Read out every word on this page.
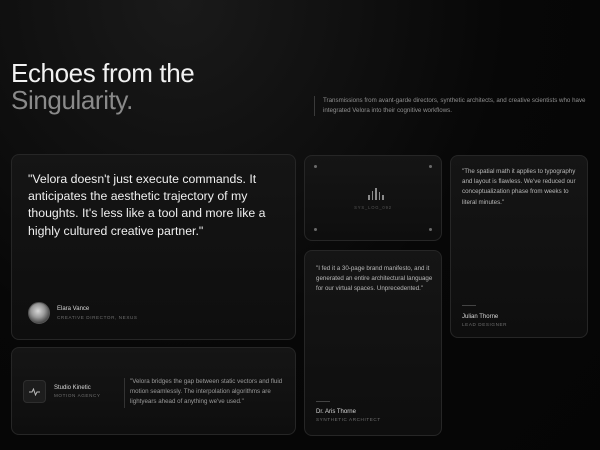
Echoes from the
Singularity.	Transmissions from avant-garde directors, synthetic architects, and creative scientists who have integrated Velora into their cognitive workflows.

"Velora doesn't just execute commands. It anticipates the aesthetic trajectory of my thoughts. It's less like a tool and more like a highly cultured creative partner."

Elara Vance
CREATIVE DIRECTOR, NEXUS
SYS_LOG_092

"I fed it a 30-page brand manifesto, and it generated an entire architectural language for our virtual spaces. Unprecedented."

Dr. Aris Thorne
SYNTHETIC ARCHITECT

"The spatial math it applies to typography and layout is flawless. We've reduced our conceptualization phase from weeks to literal minutes."

Julian Thorne
LEAD DESIGNER
Studio Kinetic
MOTION AGENCY

"Velora bridges the gap between static vectors and fluid motion seamlessly. The interpolation algorithms are lightyears ahead of anything we've used."
